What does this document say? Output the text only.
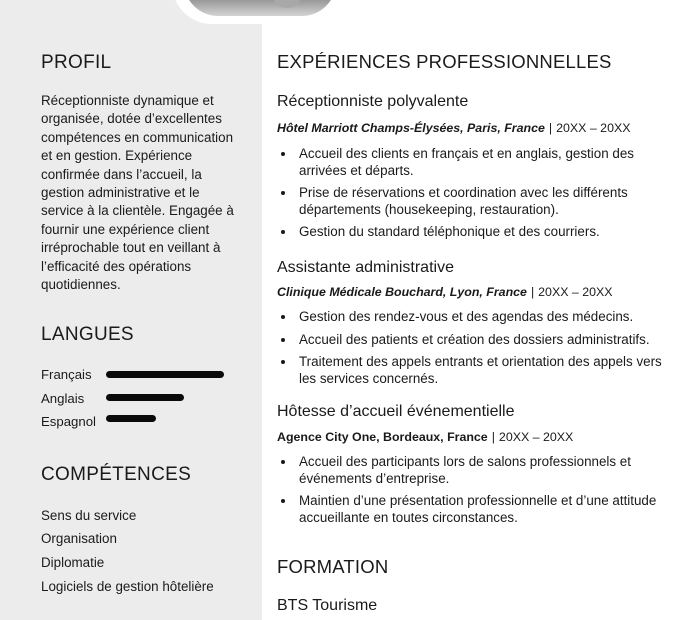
PROFIL
Réceptionniste dynamique et organisée, dotée d’excellentes compétences en communication et en gestion. Expérience confirmée dans l’accueil, la gestion administrative et le service à la clientèle. Engagée à fournir une expérience client irréprochable tout en veillant à l’efficacité des opérations quotidiennes.
LANGUES
Français
Anglais
Espagnol
COMPÉTENCES
Sens du service
Organisation
Diplomatie
Logiciels de gestion hôtelière
EXPÉRIENCES PROFESSIONNELLES
Réceptionniste polyvalente
Hôtel Marriott Champs-Élysées, Paris, France | 20XX – 20XX
Accueil des clients en français et en anglais, gestion des arrivées et départs.
Prise de réservations et coordination avec les différents départements (housekeeping, restauration).
Gestion du standard téléphonique et des courriers.
Assistante administrative
Clinique Médicale Bouchard, Lyon, France | 20XX – 20XX
Gestion des rendez-vous et des agendas des médecins.
Accueil des patients et création des dossiers administratifs.
Traitement des appels entrants et orientation des appels vers les services concernés.
Hôtesse d’accueil événementielle
Agence City One, Bordeaux, France | 20XX – 20XX
Accueil des participants lors de salons professionnels et événements d’entreprise.
Maintien d’une présentation professionnelle et d’une attitude accueillante en toutes circonstances.
FORMATION
BTS Tourisme
